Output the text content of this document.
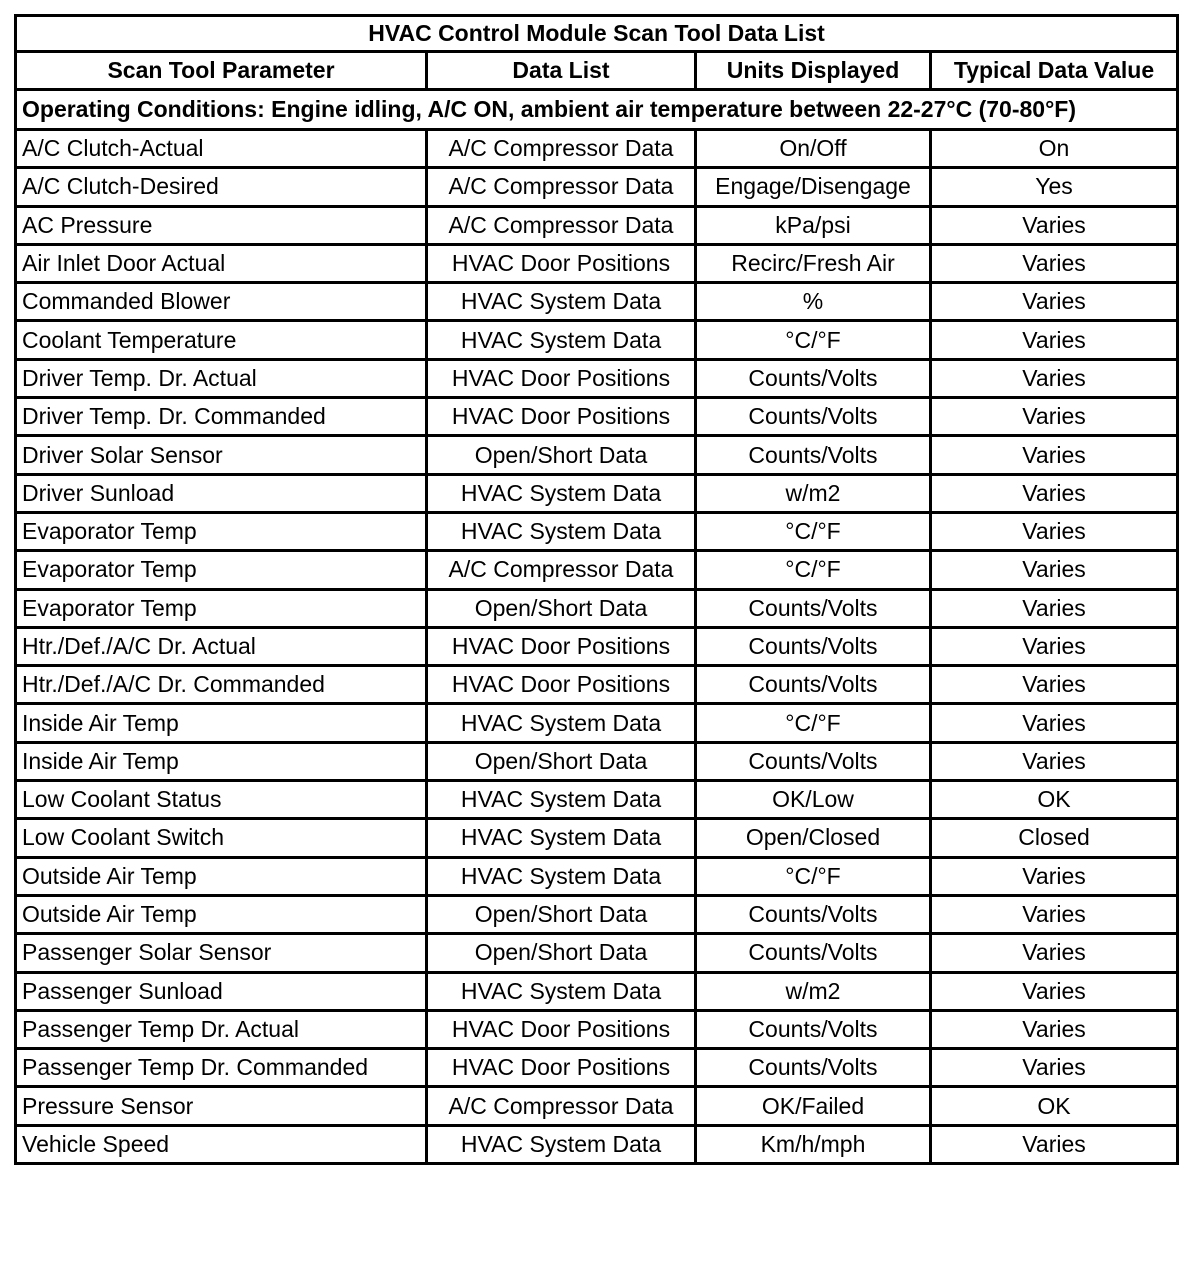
HVAC Control Module Scan Tool Data List			
Scan Tool Parameter	Data List	Units Displayed	Typical Data Value
Operating Conditions: Engine idling, A/C ON, ambient air temperature between 22-27°C (70-80°F)			
A/C Clutch-Actual	A/C Compressor Data	On/Off	On
A/C Clutch-Desired	A/C Compressor Data	Engage/Disengage	Yes
AC Pressure	A/C Compressor Data	kPa/psi	Varies
Air Inlet Door Actual	HVAC Door Positions	Recirc/Fresh Air	Varies
Commanded Blower	HVAC System Data	%	Varies
Coolant Temperature	HVAC System Data	°C/°F	Varies
Driver Temp. Dr. Actual	HVAC Door Positions	Counts/Volts	Varies
Driver Temp. Dr. Commanded	HVAC Door Positions	Counts/Volts	Varies
Driver Solar Sensor	Open/Short Data	Counts/Volts	Varies
Driver Sunload	HVAC System Data	w/m2	Varies
Evaporator Temp	HVAC System Data	°C/°F	Varies
Evaporator Temp	A/C Compressor Data	°C/°F	Varies
Evaporator Temp	Open/Short Data	Counts/Volts	Varies
Htr./Def./A/C Dr. Actual	HVAC Door Positions	Counts/Volts	Varies
Htr./Def./A/C Dr. Commanded	HVAC Door Positions	Counts/Volts	Varies
Inside Air Temp	HVAC System Data	°C/°F	Varies
Inside Air Temp	Open/Short Data	Counts/Volts	Varies
Low Coolant Status	HVAC System Data	OK/Low	OK
Low Coolant Switch	HVAC System Data	Open/Closed	Closed
Outside Air Temp	HVAC System Data	°C/°F	Varies
Outside Air Temp	Open/Short Data	Counts/Volts	Varies
Passenger Solar Sensor	Open/Short Data	Counts/Volts	Varies
Passenger Sunload	HVAC System Data	w/m2	Varies
Passenger Temp Dr. Actual	HVAC Door Positions	Counts/Volts	Varies
Passenger Temp Dr. Commanded	HVAC Door Positions	Counts/Volts	Varies
Pressure Sensor	A/C Compressor Data	OK/Failed	OK
Vehicle Speed	HVAC System Data	Km/h/mph	Varies
